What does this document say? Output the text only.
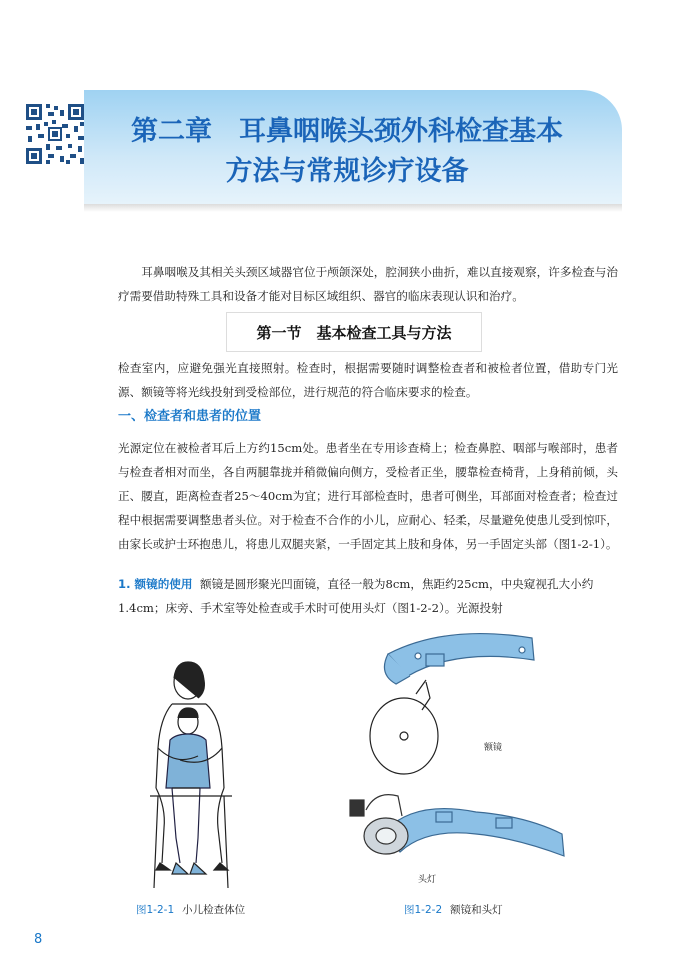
第二章　耳鼻咽喉头颈外科检查基本
方法与常规诊疗设备

耳鼻咽喉及其相关头颈区域器官位于颅颌深处，腔洞狭小曲折，难以直接观察，许多检查与治疗需要借助特殊工具和设备才能对目标区域组织、器官的临床表现认识和治疗。

第一节　基本检查工具与方法

检查室内，应避免强光直接照射。检查时，根据需要随时调整检查者和被检者位置，借助专门光源、额镜等将光线投射到受检部位，进行规范的符合临床要求的检查。

一、检查者和患者的位置

光源定位在被检者耳后上方约15cm处。患者坐在专用诊查椅上；检查鼻腔、咽部与喉部时，患者与检查者相对而坐，各自两腿靠拢并稍微偏向侧方，受检者正坐，腰靠检查椅背，上身稍前倾，头正、腰直，距离检查者25～40cm为宜；进行耳部检查时，患者可侧坐，耳部面对检查者；检查过程中根据需要调整患者头位。对于检查不合作的小儿，应耐心、轻柔，尽量避免使患儿受到惊吓，由家长或护士环抱患儿，将患儿双腿夹紧，一手固定其上肢和身体，另一手固定头部（图1-2-1）。

1. 额镜的使用 额镜是圆形聚光凹面镜，直径一般为8cm，焦距约25cm，中央窥视孔大小约

1.4cm；床旁、手术室等处检查或手术时可使用头灯（图1-2-2）。光源投射

图1-2-1 小儿检查体位
额镜
头灯
图1-2-2 额镜和头灯
8
